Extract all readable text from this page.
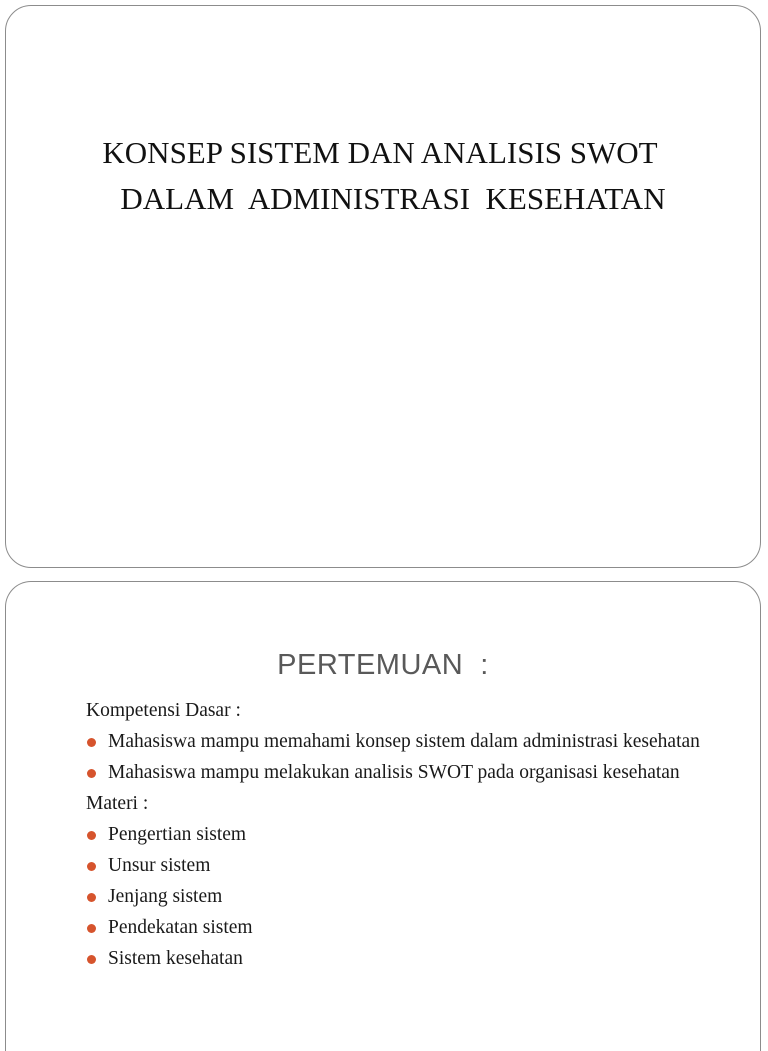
KONSEP SISTEM DAN ANALISIS SWOT
DALAM  ADMINISTRASI  KESEHATAN
PERTEMUAN  :

Kompetensi Dasar :

Mahasiswa mampu memahami konsep sistem dalam administrasi kesehatan
Mahasiswa mampu melakukan analisis SWOT pada organisasi kesehatan

Materi :

Pengertian sistem
Unsur sistem
Jenjang sistem
Pendekatan sistem
Sistem kesehatan
